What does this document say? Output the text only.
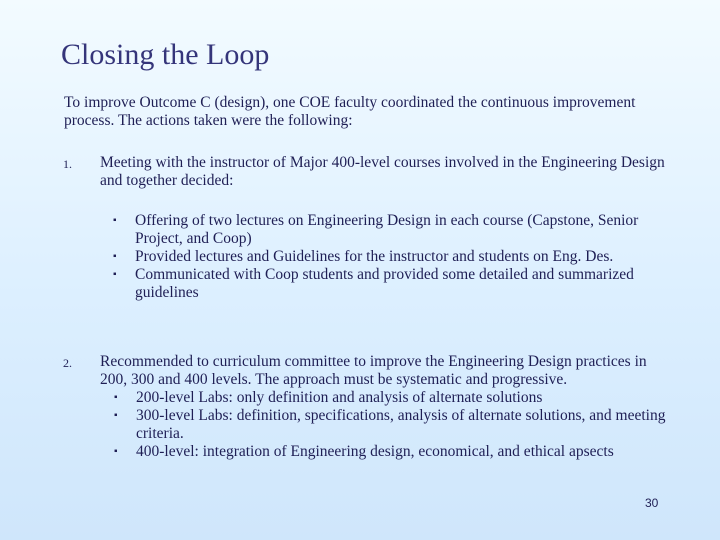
Closing the Loop
To improve Outcome C (design), one COE faculty coordinated the continuous improvement process. The actions taken were the following:
1. Meeting with the instructor of Major 400-level courses involved in the Engineering Design and together decided:
▪ Offering of two lectures on Engineering Design in each course (Capstone, Senior Project, and Coop)
▪ Provided lectures and Guidelines for the instructor and students on Eng. Des.
▪ Communicated with Coop students and provided some detailed and summarized guidelines
2. Recommended to curriculum committee to improve the Engineering Design practices in 200, 300 and 400 levels. The approach must be systematic and progressive.
▪ 200-level Labs: only definition and analysis of alternate solutions
▪ 300-level Labs: definition, specifications, analysis of alternate solutions, and meeting criteria.
▪ 400-level: integration of Engineering design, economical, and ethical apsects
30
